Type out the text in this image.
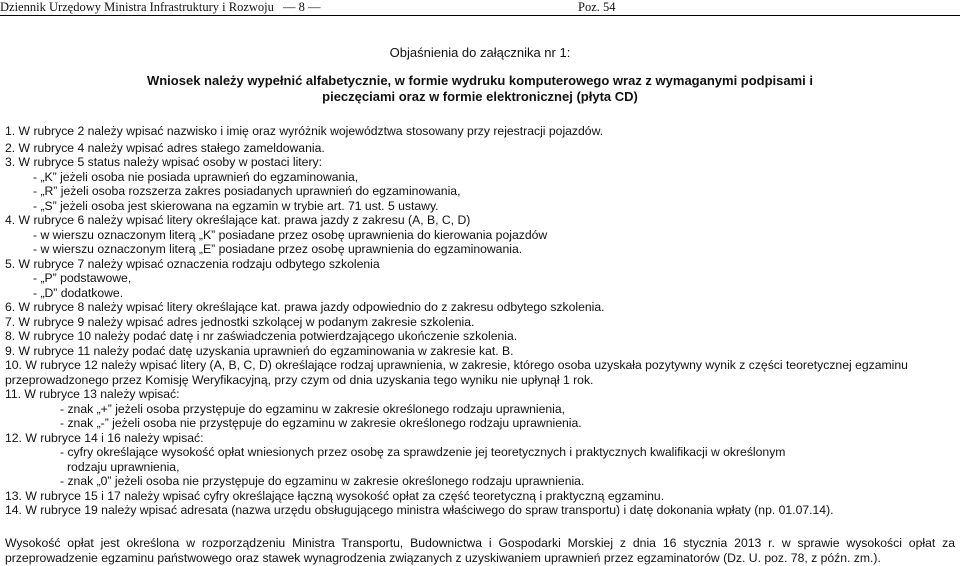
Dziennik Urzędowy Ministra Infrastruktury i Rozwoju — 8 —	Poz. 54
Objaśnienia do załącznika nr 1:
Wniosek należy wypełnić alfabetycznie, w formie wydruku komputerowego wraz z wymaganymi podpisami i pieczęciami oraz w formie elektronicznej (płyta CD)
1. W rubryce 2 należy wpisać nazwisko i imię oraz wyróżnik województwa stosowany przy rejestracji pojazdów.
2. W rubryce 4 należy wpisać adres stałego zameldowania.
3. W rubryce 5 status należy wpisać osoby w postaci litery:
- „K” jeżeli osoba nie posiada uprawnień do egzaminowania,
- „R” jeżeli osoba rozszerza zakres posiadanych uprawnień do egzaminowania,
- „S” jeżeli osoba jest skierowana na egzamin w trybie art. 71 ust. 5 ustawy.
4. W rubryce 6 należy wpisać litery określające kat. prawa jazdy z zakresu (A, B, C, D)
- w wierszu oznaczonym literą „K” posiadane przez osobę uprawnienia do kierowania pojazdów
- w wierszu oznaczonym literą „E” posiadane przez osobę uprawnienia do egzaminowania.
5. W rubryce 7 należy wpisać oznaczenia rodzaju odbytego szkolenia
- „P” podstawowe,
- „D” dodatkowe.
6. W rubryce 8 należy wpisać litery określające kat. prawa jazdy odpowiednio do z zakresu odbytego szkolenia.
7. W rubryce 9 należy wpisać adres jednostki szkolącej w podanym zakresie szkolenia.
8. W rubryce 10 należy podać datę i nr zaświadczenia potwierdzającego ukończenie szkolenia.
9. W rubryce 11 należy podać datę uzyskania uprawnień do egzaminowania w zakresie kat. B.
10. W rubryce 12 należy wpisać litery (A, B, C, D) określające rodzaj uprawnienia, w zakresie, którego osoba uzyskała pozytywny wynik z części teoretycznej egzaminu
przeprowadzonego przez Komisję Weryfikacyjną, przy czym od dnia uzyskania tego wyniku nie upłynął 1 rok.
11. W rubryce 13 należy wpisać:
- znak „+” jeżeli osoba przystępuje do egzaminu w zakresie określonego rodzaju uprawnienia,
- znak „-” jeżeli osoba nie przystępuje do egzaminu w zakresie określonego rodzaju uprawnienia.
12. W rubryce 14 i 16 należy wpisać:
- cyfry określające wysokość opłat wniesionych przez osobę za sprawdzenie jej teoretycznych i praktycznych kwalifikacji w określonym
rodzaju uprawnienia,
- znak „0” jeżeli osoba nie przystępuje do egzaminu w zakresie określonego rodzaju uprawnienia.
13. W rubryce 15 i 17 należy wpisać cyfry określające łączną wysokość opłat za część teoretyczną i praktyczną egzaminu.
14. W rubryce 19 należy wpisać adresata (nazwa urzędu obsługującego ministra właściwego do spraw transportu) i datę dokonania wpłaty (np. 01.07.14).
Wysokość opłat jest określona w rozporządzeniu Ministra Transportu, Budownictwa i Gospodarki Morskiej z dnia 16 stycznia 2013 r. w sprawie wysokości opłat za przeprowadzenie egzaminu państwowego oraz stawek wynagrodzenia związanych z uzyskiwaniem uprawnień przez egzaminatorów (Dz. U. poz. 78, z późn. zm.).
